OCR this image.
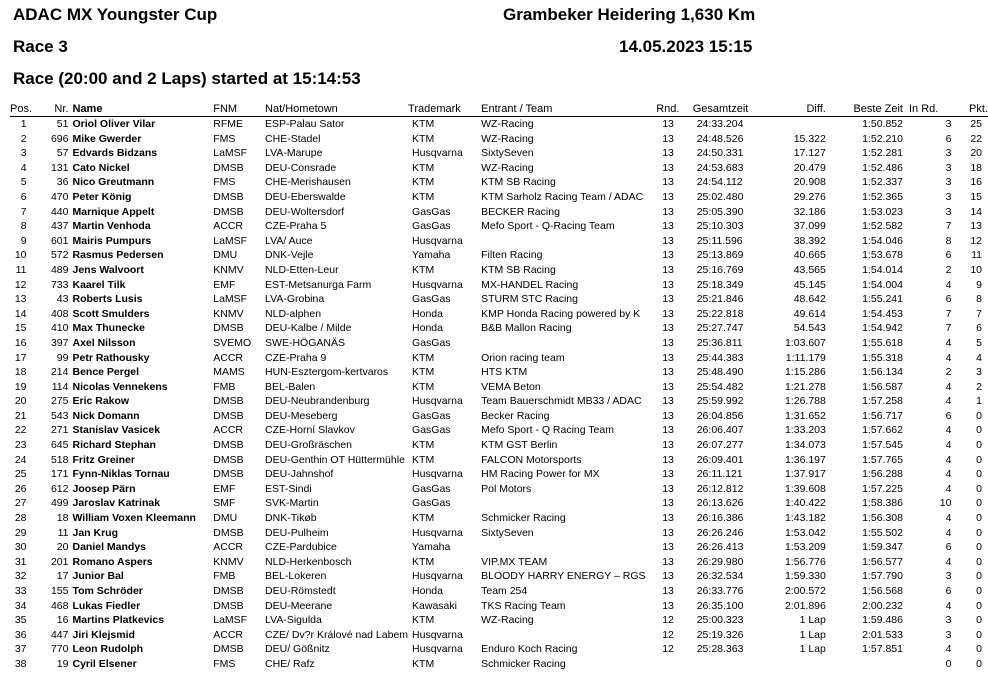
ADAC MX Youngster Cup	Grambeker Heidering 1,630 Km
Race 3	14.05.2023 15:15
Race (20:00 and 2 Laps) started at 15:14:53
Pos.	Nr.	Name	FNM	Nat/Hometown	Trademark	Entrant / Team	Rnd.	Gesamtzeit	Diff.	Beste Zeit	In Rd.	Pkt.
1	51	Oriol Oliver Vilar	RFME	ESP-Palau Sator	KTM	WZ-Racing	13	24:33.204		1:50.852	3	25
2	696	Mike Gwerder	FMS	CHE-Stadel	KTM	WZ-Racing	13	24:48.526	15.322	1:52.210	6	22
3	57	Edvards Bidzans	LaMSF	LVA-Marupe	Husqvarna	SixtySeven	13	24:50.331	17.127	1:52.281	3	20
4	131	Cato Nickel	DMSB	DEU-Consrade	KTM	WZ-Racing	13	24:53.683	20.479	1:52.486	3	18
5	36	Nico Greutmann	FMS	CHE-Merishausen	KTM	KTM SB Racing	13	24:54.112	20.908	1:52.337	3	16
6	470	Peter König	DMSB	DEU-Eberswalde	KTM	KTM Sarholz Racing Team / ADAC	13	25:02.480	29.276	1:52.365	3	15
7	440	Marnique Appelt	DMSB	DEU-Woltersdorf	GasGas	BECKER Racing	13	25:05.390	32.186	1:53.023	3	14
8	437	Martin Venhoda	ACCR	CZE-Praha 5	GasGas	Mefo Sport - Q-Racing Team	13	25:10.303	37.099	1:52.582	7	13
9	601	Mairis Pumpurs	LaMSF	LVA/ Auce	Husqvarna		13	25:11.596	38.392	1:54.046	8	12
10	572	Rasmus Pedersen	DMU	DNK-Vejle	Yamaha	Filten Racing	13	25:13.869	40.665	1:53.678	6	11
11	489	Jens Walvoort	KNMV	NLD-Etten-Leur	KTM	KTM SB Racing	13	25:16.769	43.565	1:54.014	2	10
12	733	Kaarel Tilk	EMF	EST-Metsanurga Farm	Husqvarna	MX-HANDEL Racing	13	25:18.349	45.145	1:54.004	4	9
13	43	Roberts Lusis	LaMSF	LVA-Grobina	GasGas	STURM STC Racing	13	25:21.846	48.642	1:55.241	6	8
14	408	Scott Smulders	KNMV	NLD-alphen	Honda	KMP Honda Racing powered by K	13	25:22.818	49.614	1:54.453	7	7
15	410	Max Thunecke	DMSB	DEU-Kalbe / Milde	Honda	B&B Mallon Racing	13	25:27.747	54.543	1:54.942	7	6
16	397	Axel Nilsson	SVEMO	SWE-HÖGANÄS	GasGas		13	25:36.811	1:03.607	1:55.618	4	5
17	99	Petr Rathousky	ACCR	CZE-Praha 9	KTM	Orion racing team	13	25:44.383	1:11.179	1:55.318	4	4
18	214	Bence Pergel	MAMS	HUN-Esztergom-kertvaros	KTM	HTS KTM	13	25:48.490	1:15.286	1:56.134	2	3
19	114	Nicolas Vennekens	FMB	BEL-Balen	KTM	VEMA Beton	13	25:54.482	1:21.278	1:56.587	4	2
20	275	Eric Rakow	DMSB	DEU-Neubrandenburg	Husqvarna	Team Bauerschmidt MB33 / ADAC	13	25:59.992	1:26.788	1:57.258	4	1
21	543	Nick Domann	DMSB	DEU-Meseberg	GasGas	Becker Racing	13	26:04.856	1:31.652	1:56.717	6	0
22	271	Stanislav Vasicek	ACCR	CZE-Horní Slavkov	GasGas	Mefo Sport - Q Racing Team	13	26:06.407	1:33.203	1:57.662	4	0
23	645	Richard Stephan	DMSB	DEU-Großräschen	KTM	KTM GST Berlin	13	26:07.277	1:34.073	1:57.545	4	0
24	518	Fritz Greiner	DMSB	DEU-Genthin OT Hüttermühle	KTM	FALCON Motorsports	13	26:09.401	1:36.197	1:57.765	4	0
25	171	Fynn-Niklas Tornau	DMSB	DEU-Jahnshof	Husqvarna	HM Racing Power for MX	13	26:11.121	1:37.917	1:56.288	4	0
26	612	Joosep Pärn	EMF	EST-Sindi	GasGas	Pol Motors	13	26:12.812	1:39.608	1:57.225	4	0
27	499	Jaroslav Katrinak	SMF	SVK-Martin	GasGas		13	26:13.626	1:40.422	1:58.386	10	0
28	18	William Voxen Kleemann	DMU	DNK-Tikøb	KTM	Schmicker Racing	13	26:16.386	1:43.182	1:56.308	4	0
29	11	Jan Krug	DMSB	DEU-Pulheim	Husqvarna	SixtySeven	13	26:26.246	1:53.042	1:55.502	4	0
30	20	Daniel Mandys	ACCR	CZE-Pardubice	Yamaha		13	26:26.413	1:53.209	1:59.347	6	0
31	201	Romano Aspers	KNMV	NLD-Herkenbosch	KTM	VIP.MX TEAM	13	26:29.980	1:56.776	1:56.577	4	0
32	17	Junior Bal	FMB	BEL-Lokeren	Husqvarna	BLOODY HARRY ENERGY – RGS	13	26:32.534	1:59.330	1:57.790	3	0
33	155	Tom Schröder	DMSB	DEU-Römstedt	Honda	Team 254	13	26:33.776	2:00.572	1:56.568	6	0
34	468	Lukas Fiedler	DMSB	DEU-Meerane	Kawasaki	TKS Racing Team	13	26:35.100	2:01.896	2:00.232	4	0
35	16	Martins Platkevics	LaMSF	LVA-Sigulda	KTM	WZ-Racing	12	25:00.323	1 Lap	1:59.486	3	0
36	447	Jiri Klejsmid	ACCR	CZE/ Dv?r Králové nad Labem	Husqvarna		12	25:19.326	1 Lap	2:01.533	3	0
37	770	Leon Rudolph	DMSB	DEU/ Gößnitz	Husqvarna	Enduro Koch Racing	12	25:28.363	1 Lap	1:57.851	4	0
38	19	Cyril Elsener	FMS	CHE/ Rafz	KTM	Schmicker Racing					0	0
